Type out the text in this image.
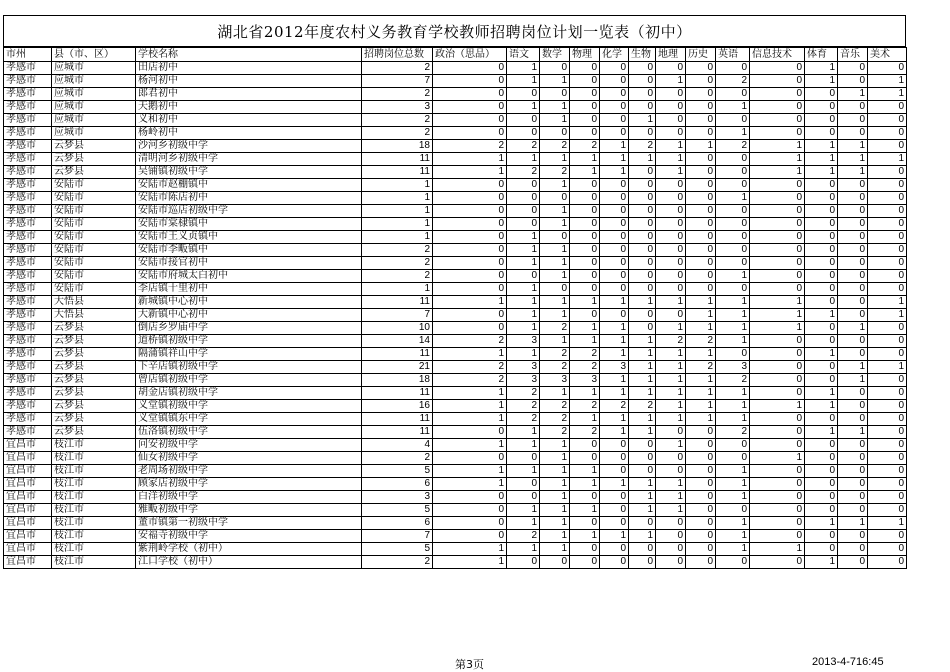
湖北省2012年度农村义务教育学校教师招聘岗位计划一览表（初中）
市州	县（市、区）	学校名称	招聘岗位总数	政治（思品）	语文	数学	物理	化学	生物	地理	历史	英语	信息技术	体育	音乐	美术
孝感市	应城市	田店初中	2	0	1	0	0	0	0	0	0	0	0	1	0	0
孝感市	应城市	杨河初中	7	0	1	1	0	0	0	1	0	2	0	1	0	1
孝感市	应城市	郎君初中	2	0	0	0	0	0	0	0	0	0	0	0	1	1
孝感市	应城市	天鹅初中	3	0	1	1	0	0	0	0	0	1	0	0	0	0
孝感市	应城市	义和初中	2	0	0	1	0	0	1	0	0	0	0	0	0	0
孝感市	应城市	杨岭初中	2	0	0	0	0	0	0	0	0	1	0	0	0	0
孝感市	云梦县	沙河乡初级中学	18	2	2	2	2	1	2	1	1	2	1	1	1	0
孝感市	云梦县	清明河乡初级中学	11	1	1	1	1	1	1	1	0	0	1	1	1	1
孝感市	云梦县	吴铺镇初级中学	11	1	2	2	1	1	0	1	0	0	1	1	1	0
孝感市	安陆市	安陆市赵棚镇中	1	0	0	1	0	0	0	0	0	0	0	0	0	0
孝感市	安陆市	安陆市陈店初中	1	0	0	0	0	0	0	0	0	1	0	0	0	0
孝感市	安陆市	安陆市巡店初级中学	1	0	0	1	0	0	0	0	0	0	0	0	0	0
孝感市	安陆市	安陆市棠棣镇中	1	0	0	1	0	0	0	0	0	0	0	0	0	0
孝感市	安陆市	安陆市王义贞镇中	1	0	1	0	0	0	0	0	0	0	0	0	0	0
孝感市	安陆市	安陆市李畈镇中	2	0	1	1	0	0	0	0	0	0	0	0	0	0
孝感市	安陆市	安陆市接官初中	2	0	1	1	0	0	0	0	0	0	0	0	0	0
孝感市	安陆市	安陆市府城太白初中	2	0	0	1	0	0	0	0	0	1	0	0	0	0
孝感市	安陆市	李店镇十里初中	1	0	1	0	0	0	0	0	0	0	0	0	0	0
孝感市	大悟县	新城镇中心初中	11	1	1	1	1	1	1	1	1	1	1	0	0	1
孝感市	大悟县	大新镇中心初中	7	0	1	1	0	0	0	0	1	1	1	1	0	1
孝感市	云梦县	倒店乡罗庙中学	10	0	1	2	1	1	0	1	1	1	1	0	1	0
孝感市	云梦县	道桥镇初级中学	14	2	3	1	1	1	1	2	2	1	0	0	0	0
孝感市	云梦县	隔蒲镇祥山中学	11	1	1	2	2	1	1	1	1	0	0	1	0	0
孝感市	云梦县	下辛店镇初级中学	21	2	3	2	2	3	1	1	2	3	0	0	1	1
孝感市	云梦县	曾店镇初级中学	18	2	3	3	3	1	1	1	1	2	0	0	1	0
孝感市	云梦县	胡金店镇初级中学	11	1	2	1	1	1	1	1	1	1	0	1	0	0
孝感市	云梦县	义堂镇初级中学	16	1	2	2	2	2	2	1	1	1	1	1	0	0
孝感市	云梦县	义堂镇镇东中学	11	1	2	2	1	1	1	1	1	1	0	0	0	0
孝感市	云梦县	伍洛镇初级中学	11	0	1	2	2	1	1	0	0	2	0	1	1	0
宜昌市	枝江市	问安初级中学	4	1	1	1	0	0	0	1	0	0	0	0	0	0
宜昌市	枝江市	仙女初级中学	2	0	0	1	0	0	0	0	0	0	1	0	0	0
宜昌市	枝江市	老周场初级中学	5	1	1	1	1	0	0	0	0	1	0	0	0	0
宜昌市	枝江市	顾家店初级中学	6	1	0	1	1	1	1	1	0	1	0	0	0	0
宜昌市	枝江市	白洋初级中学	3	0	0	1	0	0	1	1	0	1	0	0	0	0
宜昌市	枝江市	雅畈初级中学	5	0	1	1	1	0	1	1	0	0	0	0	0	0
宜昌市	枝江市	董市镇第一初级中学	6	0	1	1	0	0	0	0	0	1	0	1	1	1
宜昌市	枝江市	安福寺初级中学	7	0	2	1	1	1	1	0	0	1	0	0	0	0
宜昌市	枝江市	紫荆岭学校（初中）	5	1	1	1	0	0	0	0	0	1	1	0	0	0
宜昌市	枝江市	江口学校（初中）	2	1	0	0	0	0	0	0	0	0	0	1	0	0
第3页	2013-4-716:45
